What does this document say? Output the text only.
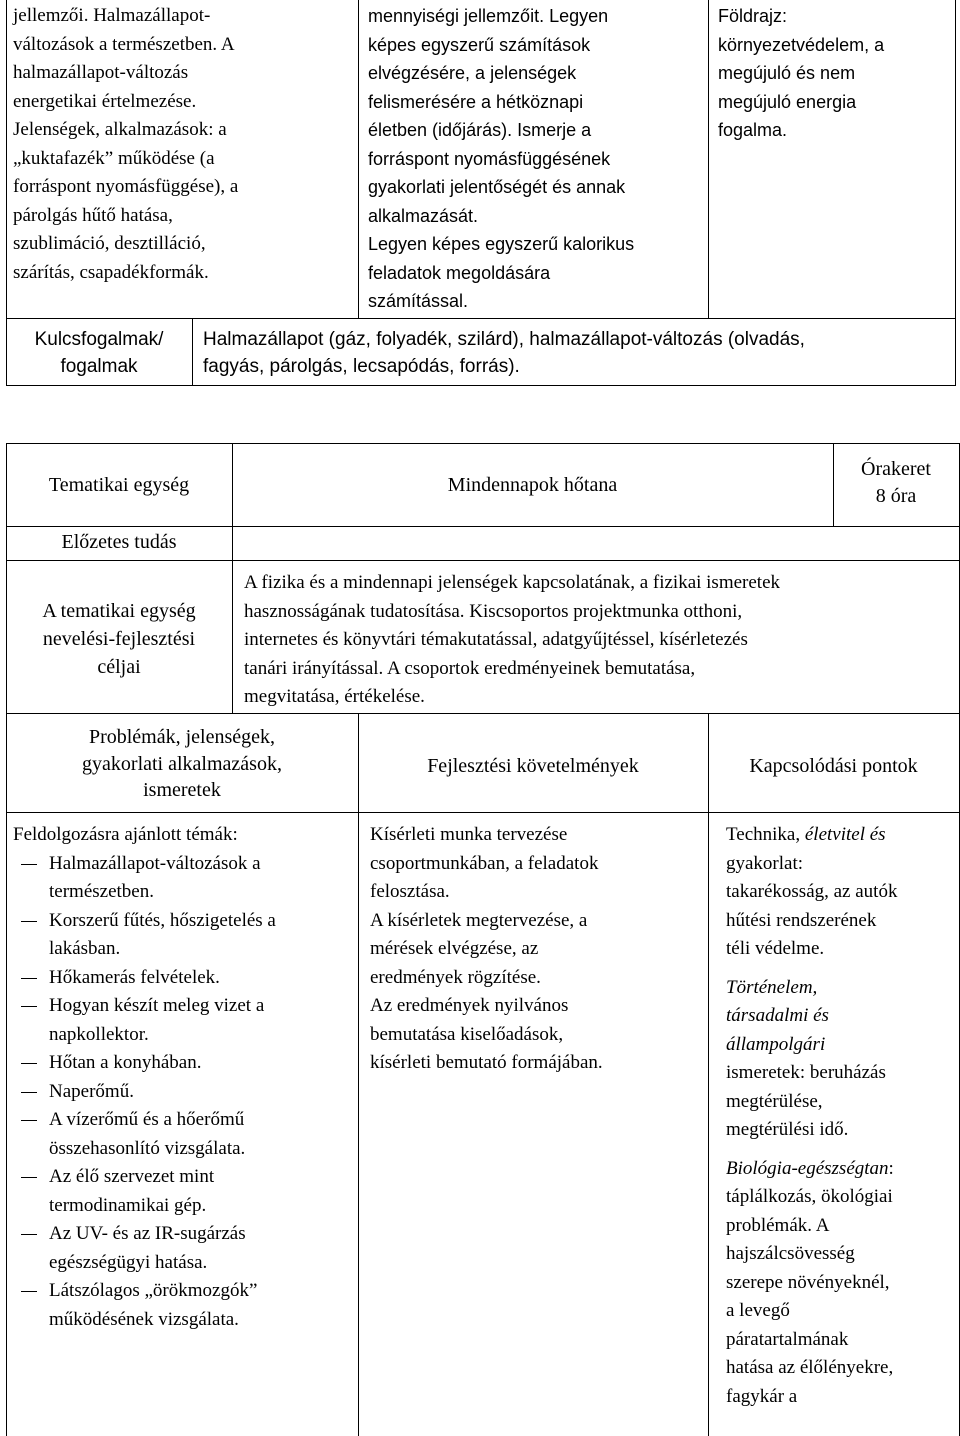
jellemzői. Halmazállapot-

változások a természetben. A

halmazállapot-változás

energetikai értelmezése.

Jelenségek, alkalmazások: a

„kuktafazék” működése (a

forráspont nyomásfüggése), a

párolgás hűtő hatása,

szublimáció, desztilláció,

szárítás, csapadékformák.

mennyiségi jellemzőit. Legyen

képes egyszerű számítások

elvégzésére, a jelenségek

felismerésére a hétköznapi

életben (időjárás). Ismerje a

forráspont nyomásfüggésének

gyakorlati jelentőségét és annak

alkalmazását.

Legyen képes egyszerű kalorikus

feladatok megoldására

számítással.

Földrajz:

környezetvédelem, a

megújuló és nem

megújuló energia

fogalma.

Kulcsfogalmak/

fogalmak

Halmazállapot (gáz, folyadék, szilárd), halmazállapot-változás (olvadás,

fagyás, párolgás, lecsapódás, forrás).

Tematikai egység	Mindennapok hőtana

Órakeret

8 óra

Előzetes tudás

A tematikai egység

nevelési-fejlesztési

céljai

A fizika és a mindennapi jelenségek kapcsolatának, a fizikai ismeretek

hasznosságának tudatosítása. Kiscsoportos projektmunka otthoni,

internetes és könyvtári témakutatással, adatgyűjtéssel, kísérletezés

tanári irányítással. A csoportok eredményeinek bemutatása,

megvitatása, értékelése.

Problémák, jelenségek,

gyakorlati alkalmazások,

ismeretek

Fejlesztési követelmények	Kapcsolódási pontok

Feldolgozásra ajánlott témák:

Halmazállapot-változások a
természetben.
Korszerű fűtés, hőszigetelés a
lakásban.
Hőkamerás felvételek.
Hogyan készít meleg vizet a
napkollektor.
Hőtan a konyhában.
Naperőmű.
A vízerőmű és a hőerőmű
összehasonlító vizsgálata.
Az élő szervezet mint
termodinamikai gép.
Az UV- és az IR-sugárzás
egészségügyi hatása.
Látszólagos „örökmozgók”
működésének vizsgálata.

Kísérleti munka tervezése

csoportmunkában, a feladatok

felosztása.

A kísérletek megtervezése, a

mérések elvégzése, az

eredmények rögzítése.

Az eredmények nyilvános

bemutatása kiselőadások,

kísérleti bemutató formájában.

Technika, életvitel és

gyakorlat:

takarékosság, az autók

hűtési rendszerének

téli védelme.

Történelem,

társadalmi és

állampolgári

ismeretek: beruházás

megtérülése,

megtérülési idő.

Biológia-egészségtan:

táplálkozás, ökológiai

problémák. A

hajszálcsövesség

szerepe növényeknél,

a levegő

páratartalmának

hatása az élőlényekre,

fagykár a
